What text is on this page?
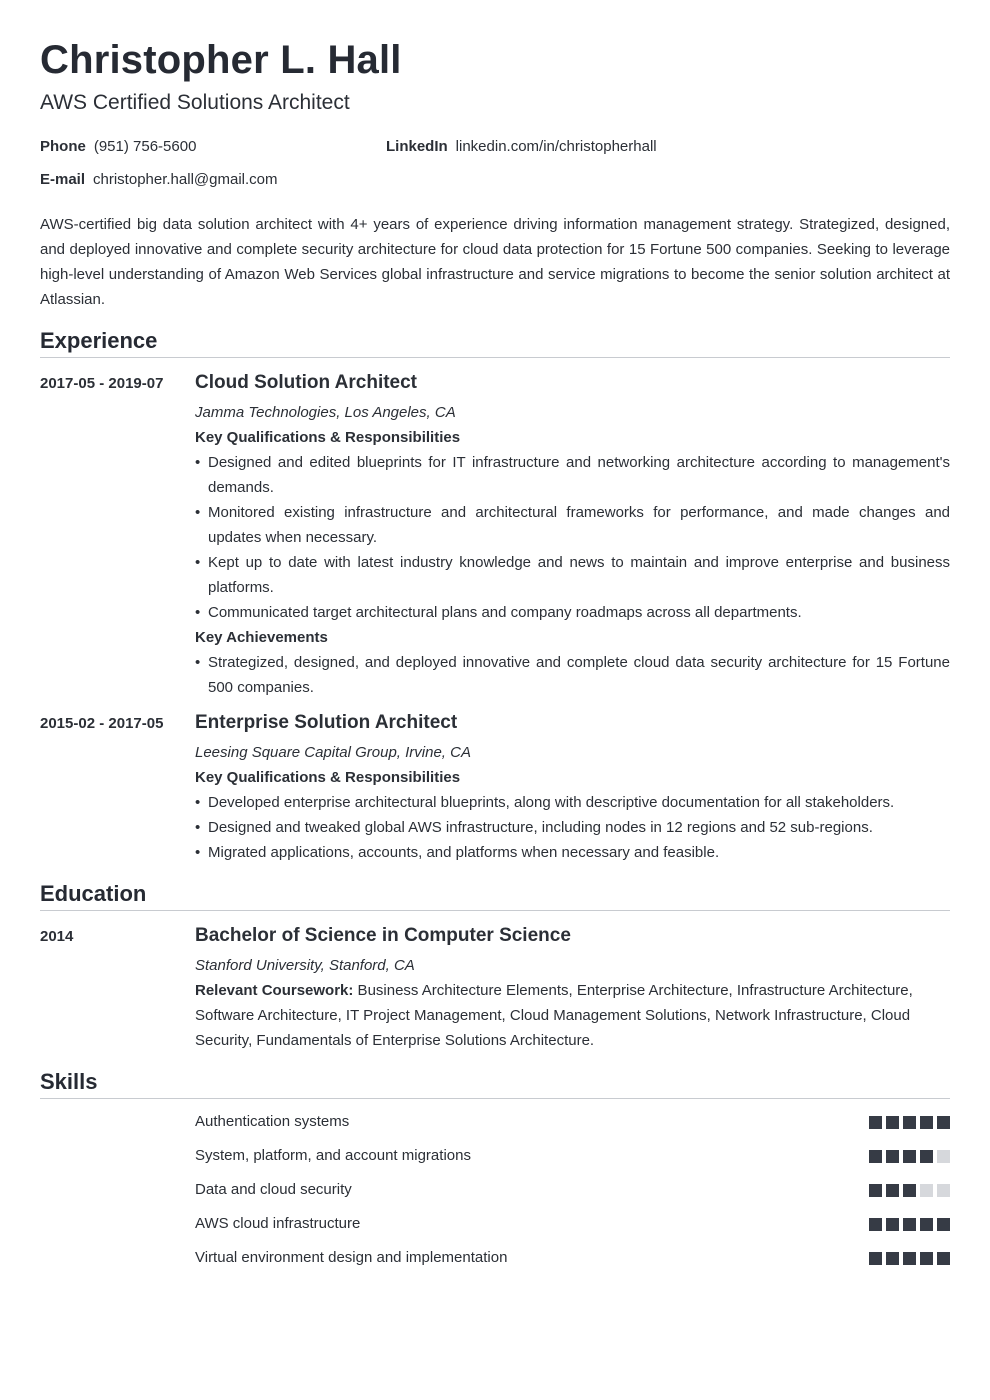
Christopher L. Hall
AWS Certified Solutions Architect
Phone (951) 756-5600	LinkedIn linkedin.com/in/christopherhall
E-mail christopher.hall@gmail.com

AWS-certified big data solution architect with 4+ years of experience driving information management strategy. Strategized, designed, and deployed innovative and complete security architecture for cloud data protection for 15 Fortune 500 companies. Seeking to leverage high-level understanding of Amazon Web Services global infrastructure and service migrations to become the senior solution architect at Atlassian.

Experience
2017-05 - 2019-07 Cloud Solution Architect
Jamma Technologies, Los Angeles, CA
Key Qualifications & Responsibilities
• Designed and edited blueprints for IT infrastructure and networking architecture according to management's demands.
• Monitored existing infrastructure and architectural frameworks for performance, and made changes and updates when necessary.
• Kept up to date with latest industry knowledge and news to maintain and improve enterprise and business platforms.
• Communicated target architectural plans and company roadmaps across all departments.
Key Achievements
• Strategized, designed, and deployed innovative and complete cloud data security architecture for 15 Fortune 500 companies.
2015-02 - 2017-05 Enterprise Solution Architect
Leesing Square Capital Group, Irvine, CA
Key Qualifications & Responsibilities
• Developed enterprise architectural blueprints, along with descriptive documentation for all stakeholders.
• Designed and tweaked global AWS infrastructure, including nodes in 12 regions and 52 sub-regions.
• Migrated applications, accounts, and platforms when necessary and feasible.
Education
2014	Bachelor of Science in Computer Science
Stanford University, Stanford, CA

Relevant Coursework: Business Architecture Elements, Enterprise Architecture, Infrastructure Architecture, Software Architecture, IT Project Management, Cloud Management Solutions, Network Infrastructure, Cloud Security, Fundamentals of Enterprise Solutions Architecture.

Skills
Authentication systems
System, platform, and account migrations
Data and cloud security
AWS cloud infrastructure
Virtual environment design and implementation
